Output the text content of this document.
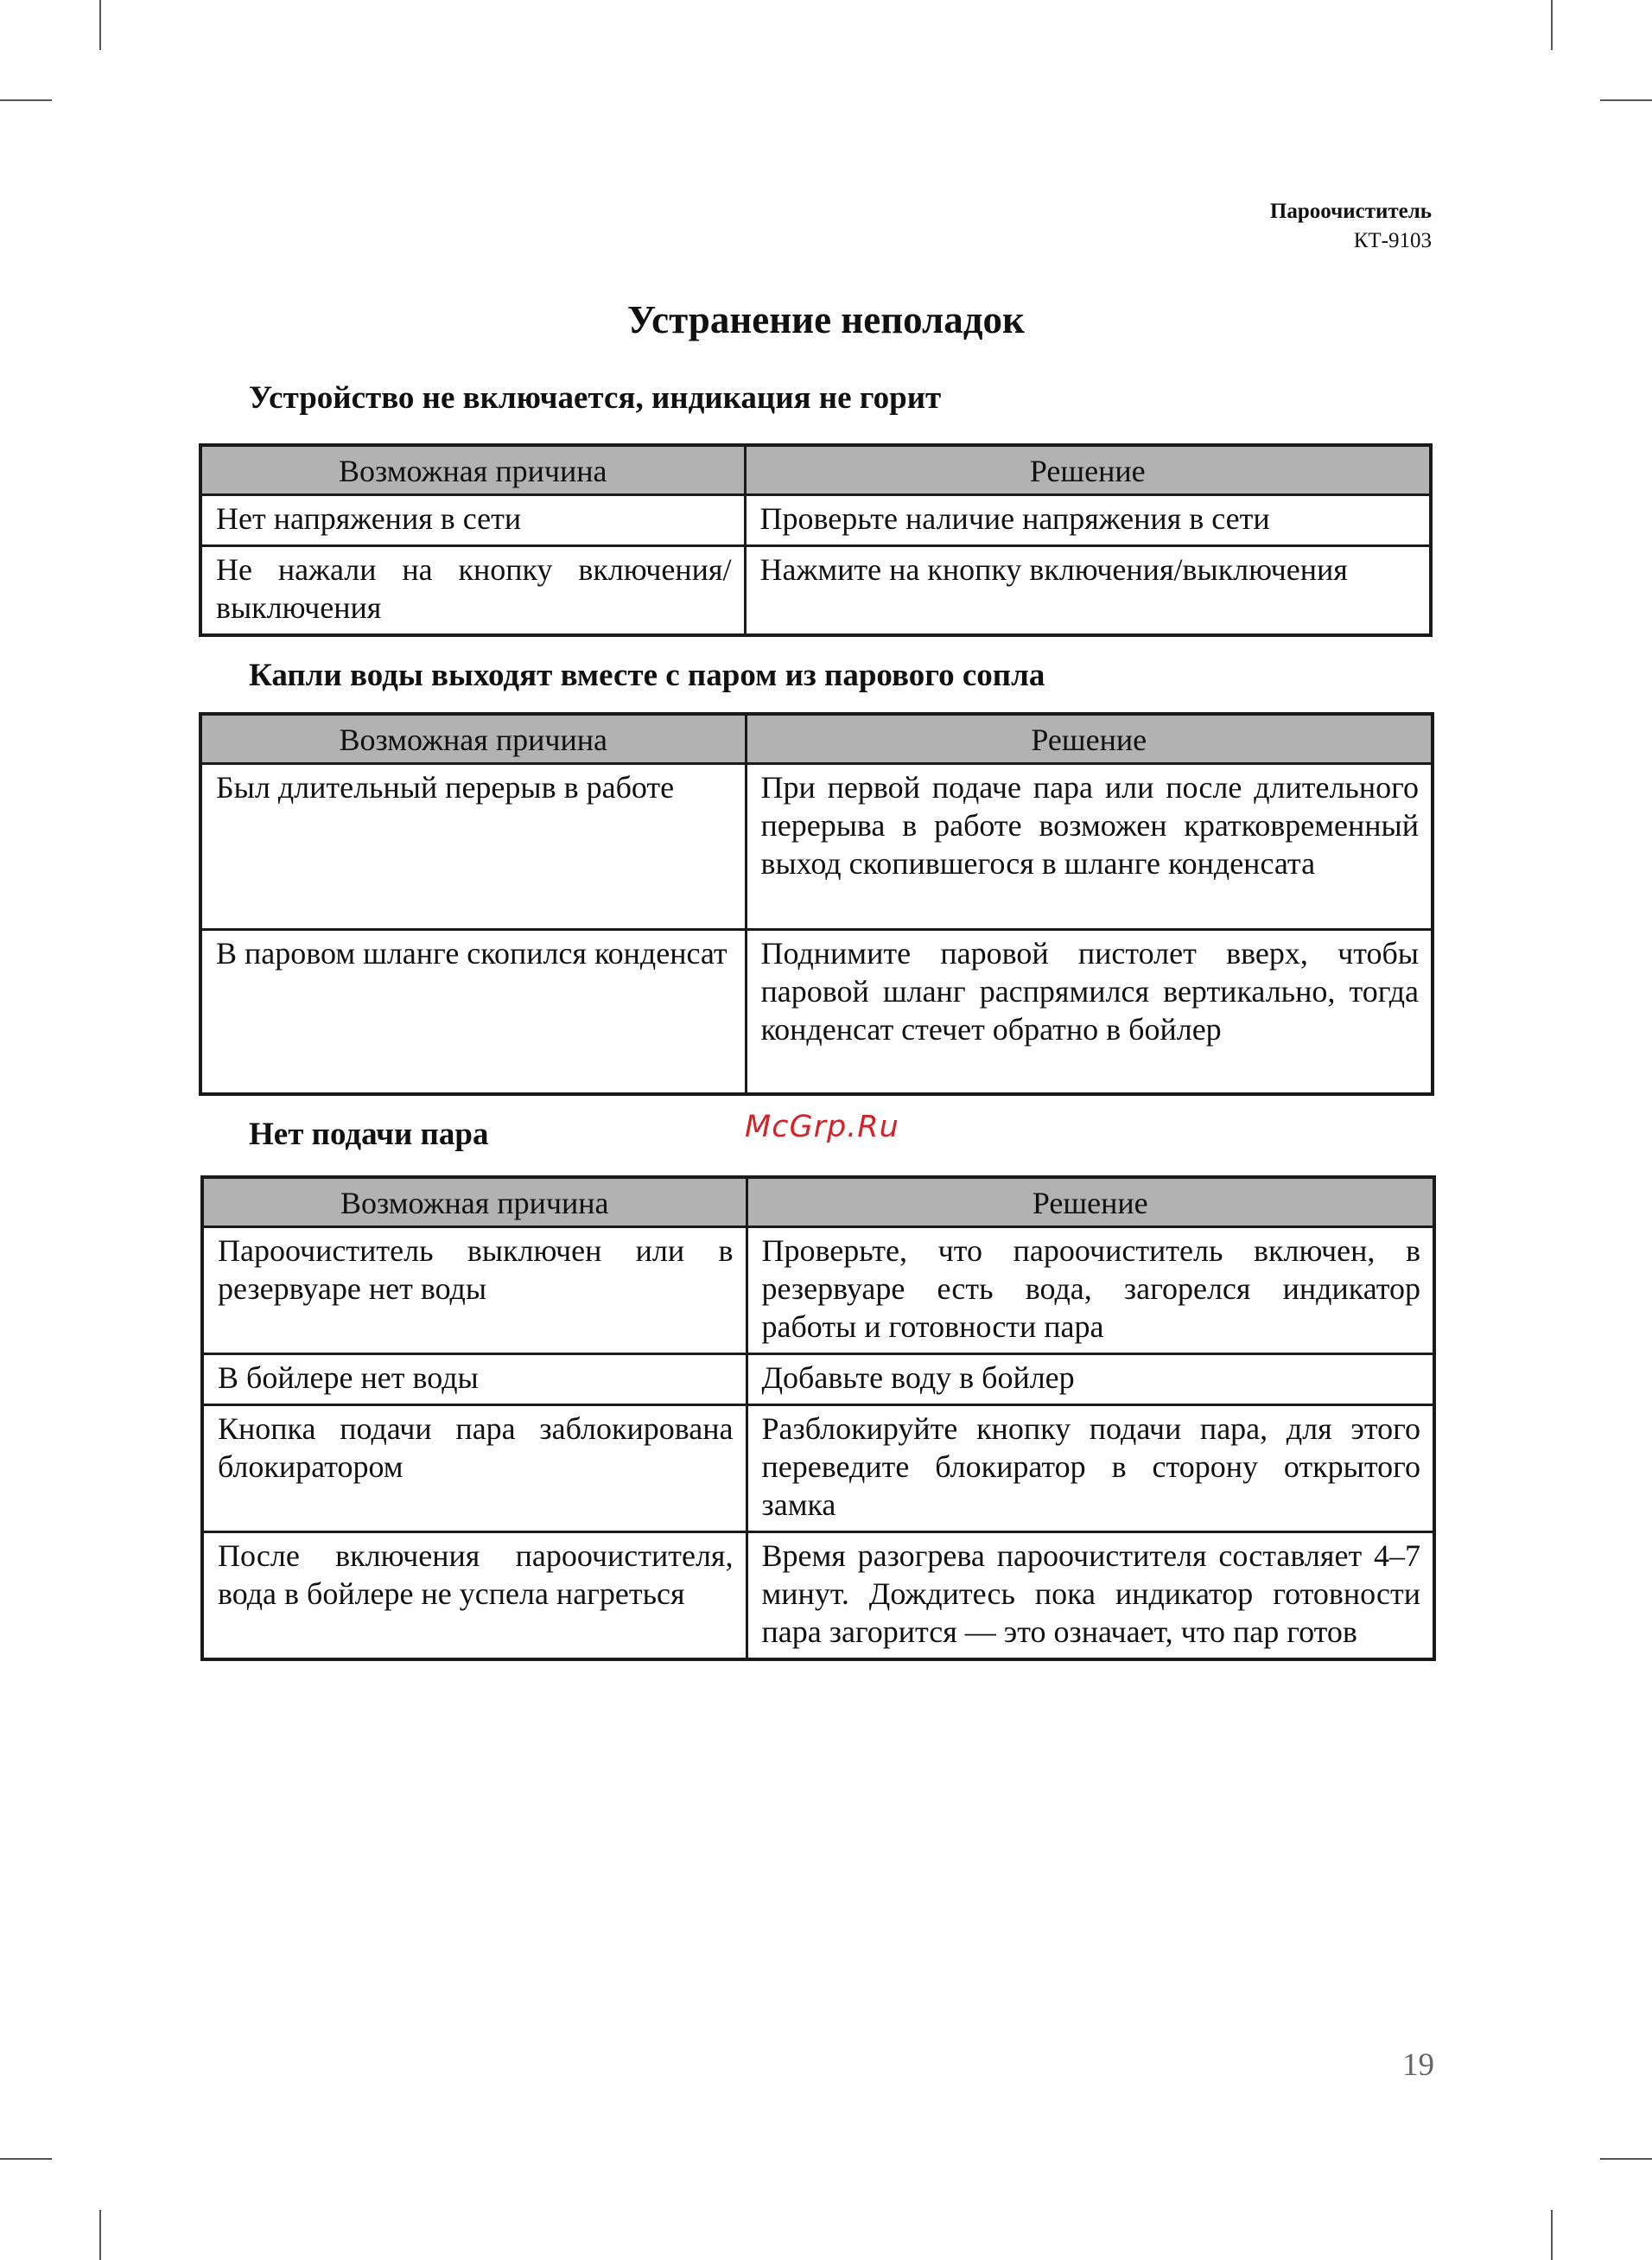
Пароочиститель
КТ-9103
Устранение неполадок
Устройство не включается, индикация не горит
Возможная причина	Решение
Нет напряжения в сети	Проверьте наличие напряжения в сети
Не нажали на кнопку включения/ выключения	Нажмите на кнопку включения/выключения
Капли воды выходят вместе с паром из парового сопла
Возможная причина	Решение
Был длительный перерыв в работе	При первой подаче пара или после длительного перерыва в работе возможен кратковременный выход скопившегося в шланге конденсата
В паровом шланге скопился конденсат	Поднимите паровой пистолет вверх, чтобы паровой шланг распрямился вертикально, тогда конденсат стечет обратно в бойлер
Нет подачи пара	McGrp.Ru
Возможная причина	Решение
Пароочиститель выключен или в резервуаре нет воды	Проверьте, что пароочиститель включен, в резервуаре есть вода, загорелся индикатор работы и готовности пара
В бойлере нет воды	Добавьте воду в бойлер
Кнопка подачи пара заблокирована блокиратором	Разблокируйте кнопку подачи пара, для этого переведите блокиратор в сторону открытого замка
После включения пароочистителя, вода в бойлере не успела нагреться	Время разогрева пароочистителя составляет 4–7 минут. Дождитесь пока индикатор готовности пара загорится — это означает, что пар готов
19
